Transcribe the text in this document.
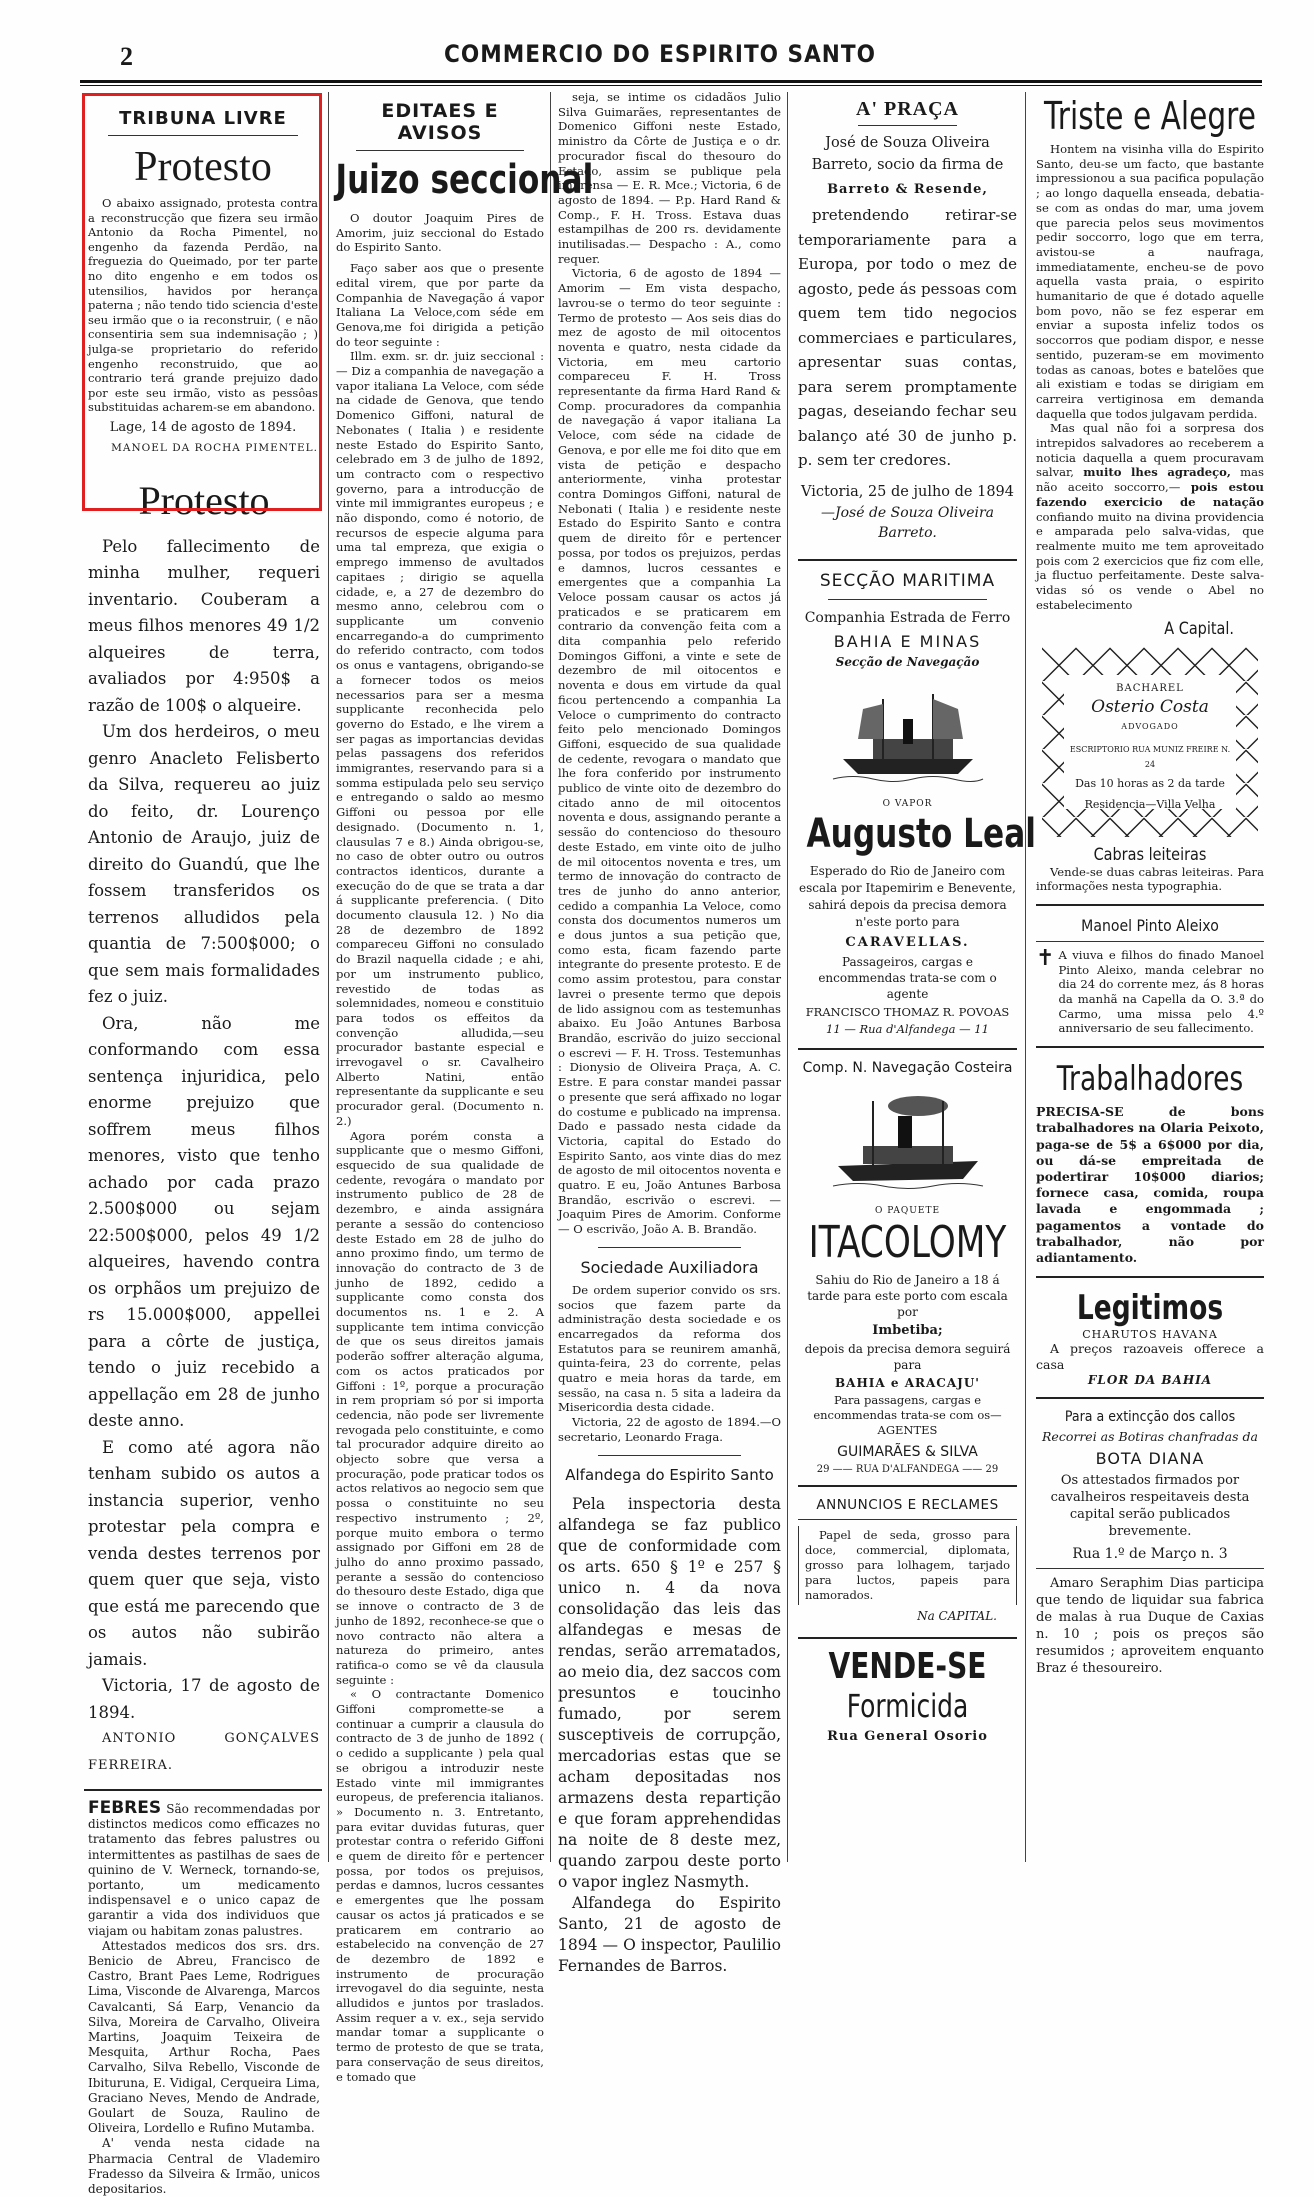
2	COMMERCIO DO ESPIRITO SANTO
TRIBUNA LIVRE
Protesto

O abaixo assignado, protesta contra a reconstrucção que fizera seu irmão Antonio da Rocha Pimentel, no engenho da fazenda Perdão, na freguezia do Queimado, por ter parte no dito engenho e em todos os utensilios, havidos por herança paterna ; não tendo tido sciencia d'este seu irmão que o ia reconstruir, ( e não consentiria sem sua indemnisação ; ) julga-se proprietario do referido engenho reconstruido, que ao contrario terá grande prejuizo dado por este seu irmão, visto as pessôas substituidas acharem-se em abandono.

Lage, 14 de agosto de 1894.

MANOEL DA ROCHA PIMENTEL.

Protesto

Pelo fallecimento de minha mulher, requeri inventario. Couberam a meus filhos menores 49 1/2 alqueires de terra, avaliados por 4:950$ a razão de 100$ o alqueire.

Um dos herdeiros, o meu genro Anacleto Felisberto da Silva, requereu ao juiz do feito, dr. Lourenço Antonio de Araujo, juiz de direito do Guandú, que lhe fossem transferidos os terrenos alludidos pela quantia de 7:500$000; o que sem mais formalidades fez o juiz.

Ora, não me conformando com essa sentença injuridica, pelo enorme prejuizo que soffrem meus filhos menores, visto que tenho achado por cada prazo 2.500$000 ou sejam 22:500$000, pelos 49 1/2 alqueires, havendo contra os orphãos um prejuizo de rs 15.000$000, appellei para a côrte de justiça, tendo o juiz recebido a appellação em 28 de junho deste anno.

E como até agora não tenham subido os autos a instancia superior, venho protestar pela compra e venda destes terrenos por quem quer que seja, visto que está me parecendo que os autos não subirão jamais.

Victoria, 17 de agosto de 1894.

ANTONIO GONÇALVES FERREIRA.

FEBRES São recommendadas por distinctos medicos como efficazes no tratamento das febres palustres ou intermittentes as pastilhas de saes de quinino de V. Werneck, tornando-se, portanto, um medicamento indispensavel e o unico capaz de garantir a vida dos individuos que viajam ou habitam zonas palustres.

Attestados medicos dos srs. drs. Benicio de Abreu, Francisco de Castro, Brant Paes Leme, Rodrigues Lima, Visconde de Alvarenga, Marcos Cavalcanti, Sá Earp, Venancio da Silva, Moreira de Carvalho, Oliveira Martins, Joaquim Teixeira de Mesquita, Arthur Rocha, Paes Carvalho, Silva Rebello, Visconde de Ibituruna, E. Vidigal, Cerqueira Lima, Graciano Neves, Mendo de Andrade, Goulart de Souza, Raulino de Oliveira, Lordello e Rufino Mutamba.

A' venda nesta cidade na Pharmacia Central de Vlademiro Fradesso da Silveira & Irmão, unicos depositarios.

EDITAES E AVISOS
Juizo seccional

O doutor Joaquim Pires de Amorim, juiz seccional do Estado do Espirito Santo.

Faço saber aos que o presente edital virem, que por parte da Companhia de Navegação á vapor Italiana La Veloce,com séde em Genova,me foi dirigida a petição do teor seguinte :

Illm. exm. sr. dr. juiz seccional :— Diz a companhia de navegação a vapor italiana La Veloce, com séde na cidade de Genova, que tendo Domenico Giffoni, natural de Nebonates ( Italia ) e residente neste Estado do Espirito Santo, celebrado em 3 de julho de 1892, um contracto com o respectivo governo, para a introducção de vinte mil immigrantes europeus ; e não dispondo, como é notorio, de recursos de especie alguma para uma tal empreza, que exigia o emprego immenso de avultados capitaes ; dirigio se aquella cidade, e, a 27 de dezembro do mesmo anno, celebrou com o supplicante um convenio encarregando-a do cumprimento do referido contracto, com todos os onus e vantagens, obrigando-se a fornecer todos os meios necessarios para ser a mesma supplicante reconhecida pelo governo do Estado, e lhe virem a ser pagas as importancias devidas pelas passagens dos referidos immigrantes, reservando para si a somma estipulada pelo seu serviço e entregando o saldo ao mesmo Giffoni ou pessoa por elle designado. (Documento n. 1, clausulas 7 e 8.) Ainda obrigou-se, no caso de obter outro ou outros contractos identicos, durante a execução do de que se trata a dar á supplicante preferencia. ( Dito documento clausula 12. ) No dia 28 de dezembro de 1892 compareceu Giffoni no consulado do Brazil naquella cidade ; e ahi, por um instrumento publico, revestido de todas as solemnidades, nomeou e constituio para todos os effeitos da convenção alludida,—seu procurador bastante especial e irrevogavel o sr. Cavalheiro Alberto Natini, então representante da supplicante e seu procurador geral. (Documento n. 2.)

Agora porém consta a supplicante que o mesmo Giffoni, esquecido de sua qualidade de cedente, revogára o mandato por instrumento publico de 28 de dezembro, e ainda assignára perante a sessão do contencioso deste Estado em 28 de julho do anno proximo findo, um termo de innovação do contracto de 3 de junho de 1892, cedido a supplicante como consta dos documentos ns. 1 e 2. A supplicante tem intima convicção de que os seus direitos jamais poderão soffrer alteração alguma, com os actos praticados por Giffoni : 1º, porque a procuração in rem propriam só por si importa cedencia, não pode ser livremente revogada pelo constituinte, e como tal procurador adquire direito ao objecto sobre que versa a procuração, pode praticar todos os actos relativos ao negocio sem que possa o constituinte no seu respectivo instrumento ; 2º, porque muito embora o termo assignado por Giffoni em 28 de julho do anno proximo passado, perante a sessão do contencioso do thesouro deste Estado, diga que se innove o contracto de 3 de junho de 1892, reconhece-se que o novo contracto não altera a natureza do primeiro, antes ratifica-o como se vê da clausula seguinte :

« O contractante Domenico Giffoni compromette-se a continuar a cumprir a clausula do contracto de 3 de junho de 1892 ( o cedido a supplicante ) pela qual se obrigou a introduzir neste Estado vinte mil immigrantes europeus, de preferencia italianos. » Documento n. 3. Entretanto, para evitar duvidas futuras, quer protestar contra o referido Giffoni e quem de direito fôr e pertencer possa, por todos os prejuisos, perdas e damnos, lucros cessantes e emergentes que lhe possam causar os actos já praticados e se praticarem em contrario ao estabelecido na convenção de 27 de dezembro de 1892 e instrumento de procuração irrevogavel do dia seguinte, nesta alludidos e juntos por traslados. Assim requer a v. ex., seja servido mandar tomar a supplicante o termo de protesto de que se trata, para conservação de seus direitos, e tomado que

seja, se intime os cidadãos Julio Silva Guimarães, representantes de Domenico Giffoni neste Estado, ministro da Côrte de Justiça e o dr. procurador fiscal do thesouro do Estado, assim se publique pela imprensa — E. R. Mce.; Victoria, 6 de agosto de 1894. — P.p. Hard Rand & Comp., F. H. Tross. Estava duas estampilhas de 200 rs. devidamente inutilisadas.— Despacho : A., como requer.

Victoria, 6 de agosto de 1894 — Amorim — Em vista despacho, lavrou-se o termo do teor seguinte : Termo de protesto — Aos seis dias do mez de agosto de mil oitocentos noventa e quatro, nesta cidade da Victoria, em meu cartorio compareceu F. H. Tross representante da firma Hard Rand & Comp. procuradores da companhia de navegação á vapor italiana La Veloce, com séde na cidade de Genova, e por elle me foi dito que em vista de petição e despacho anteriormente, vinha protestar contra Domingos Giffoni, natural de Nebonati ( Italia ) e residente neste Estado do Espirito Santo e contra quem de direito fôr e pertencer possa, por todos os prejuizos, perdas e damnos, lucros cessantes e emergentes que a companhia La Veloce possam causar os actos já praticados e se praticarem em contrario da convenção feita com a dita companhia pelo referido Domingos Giffoni, a vinte e sete de dezembro de mil oitocentos e noventa e dous em virtude da qual ficou pertencendo a companhia La Veloce o cumprimento do contracto feito pelo mencionado Domingos Giffoni, esquecido de sua qualidade de cedente, revogara o mandato que lhe fora conferido por instrumento publico de vinte oito de dezembro do citado anno de mil oitocentos noventa e dous, assignando perante a sessão do contencioso do thesouro deste Estado, em vinte oito de julho de mil oitocentos noventa e tres, um termo de innovação do contracto de tres de junho do anno anterior, cedido a companhia La Veloce, como consta dos documentos numeros um e dous juntos a sua petição que, como esta, ficam fazendo parte integrante do presente protesto. E de como assim protestou, para constar lavrei o presente termo que depois de lido assignou com as testemunhas abaixo. Eu João Antunes Barbosa Brandão, escrivão do juizo seccional o escrevi — F. H. Tross. Testemunhas : Dionysio de Oliveira Praça, A. C. Estre. E para constar mandei passar o presente que será affixado no logar do costume e publicado na imprensa. Dado e passado nesta cidade da Victoria, capital do Estado do Espirito Santo, aos vinte dias do mez de agosto de mil oitocentos noventa e quatro. E eu, João Antunes Barbosa Brandão, escrivão o escrevi. — Joaquim Pires de Amorim. Conforme — O escrivão, João A. B. Brandão.

Sociedade Auxiliadora

De ordem superior convido os srs. socios que fazem parte da administração desta sociedade e os encarregados da reforma dos Estatutos para se reunirem amanhã, quinta-feira, 23 do corrente, pelas quatro e meia horas da tarde, em sessão, na casa n. 5 sita a ladeira da Misericordia desta cidade.

Victoria, 22 de agosto de 1894.—O secretario, Leonardo Fraga.

Alfandega do Espirito Santo

Pela inspectoria desta alfandega se faz publico que de conformidade com os arts. 650 § 1º e 257 § unico n. 4 da nova consolidação das leis das alfandegas e mesas de rendas, serão arrematados, ao meio dia, dez saccos com presuntos e toucinho fumado, por serem susceptiveis de corrupção, mercadorias estas que se acham depositadas nos armazens desta repartição e que foram apprehendidas na noite de 8 deste mez, quando zarpou deste porto o vapor inglez Nasmyth.

Alfandega do Espirito Santo, 21 de agosto de 1894 — O inspector, Paulilio Fernandes de Barros.

A' PRAÇA

José de Souza Oliveira Barreto, socio da firma de

Barreto & Resende,

pretendendo retirar-se temporariamente para a Europa, por todo o mez de agosto, pede ás pessoas com quem tem tido negocios commerciaes e particulares, apresentar suas contas, para serem promptamente pagas, deseiando fechar seu balanço até 30 de junho p. p. sem ter credores.

Victoria, 25 de julho de 1894

—José de Souza Oliveira Barreto.

SECÇÃO MARITIMA

Companhia Estrada de Ferro

BAHIA E MINAS

Secção de Navegação

O VAPOR

Augusto Leal

Esperado do Rio de Janeiro com escala por Itapemirim e Benevente, sahirá depois da precisa demora n'este porto para

CARAVELLAS.

Passageiros, cargas e encommendas trata-se com o agente

FRANCISCO THOMAZ R. POVOAS

11 — Rua d'Alfandega — 11

Comp. N. Navegação Costeira

O PAQUETE

ITACOLOMY

Sahiu do Rio de Janeiro a 18 á tarde para este porto com escala por

Imbetiba;

depois da precisa demora seguirá para

BAHIA e ARACAJU'

Para passagens, cargas e encommendas trata-se com os—AGENTES

GUIMARÃES & SILVA

29 —— RUA D'ALFANDEGA —— 29

ANNUNCIOS E RECLAMES

Papel de seda, grosso para doce, commercial, diplomata, grosso para lolhagem, tarjado para luctos, papeis para namorados.

Na CAPITAL.

VENDE-SE
Formicida

Rua General Osorio

Triste e Alegre

Hontem na visinha villa do Espirito Santo, deu-se um facto, que bastante impressionou a sua pacifica população ; ao longo daquella enseada, debatia-se com as ondas do mar, uma jovem que parecia pelos seus movimentos pedir soccorro, logo que em terra, avistou-se a naufraga, immediatamente, encheu-se de povo aquella vasta praia, o espirito humanitario de que é dotado aquelle bom povo, não se fez esperar em enviar a suposta infeliz todos os soccorros que podiam dispor, e nesse sentido, puzeram-se em movimento todas as canoas, botes e batelões que ali existiam e todas se dirigiam em carreira vertiginosa em demanda daquella que todos julgavam perdida.

Mas qual não foi a sorpresa dos intrepidos salvadores ao receberem a noticia daquella a quem procuravam salvar, muito lhes agradeço, mas não aceito soccorro,— pois estou fazendo exercicio de natação confiando muito na divina providencia e amparada pelo salva-vidas, que realmente muito me tem aproveitado pois com 2 exercicios que fiz com elle, ja fluctuo perfeitamente. Deste salva-vidas só os vende o Abel no estabelecimento

A Capital.

BACHAREL

Osterio Costa

ADVOGADO

ESCRIPTORIO RUA MUNIZ FREIRE N. 24

Das 10 horas as 2 da tarde

Residencia—Villa Velha

Cabras leiteiras

Vende-se duas cabras leiteiras. Para informações nesta typographia.

Manoel Pinto Aleixo

✝ A viuva e filhos do finado Manoel Pinto Aleixo, manda celebrar no dia 24 do corrente mez, ás 8 horas da manhã na Capella da O. 3.ª do Carmo, uma missa pelo 4.º anniversario de seu fallecimento.

Trabalhadores

PRECISA-SE de bons trabalhadores na Olaria Peixoto, paga-se de 5$ a 6$000 por dia, ou dá-se empreitada de podertirar 10$000 diarios; fornece casa, comida, roupa lavada e engommada ; pagamentos a vontade do trabalhador, não por adiantamento.

Legitimos

CHARUTOS HAVANA

A preços razoaveis offerece a casa

FLOR DA BAHIA

Para a extincção dos callos

Recorrei as Botiras chanfradas da

BOTA DIANA

Os attestados firmados por cavalheiros respeitaveis desta capital serão publicados brevemente.

Rua 1.º de Março n. 3

Amaro Seraphim Dias participa que tendo de liquidar sua fabrica de malas à rua Duque de Caxias n. 10 ; pois os preços são resumidos ; aproveitem enquanto Braz é thesoureiro.
